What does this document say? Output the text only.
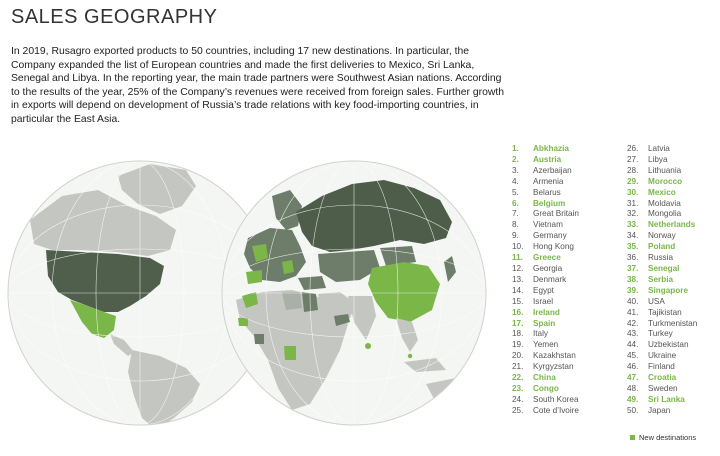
SALES GEOGRAPHY
In 2019, Rusagro exported products to 50 countries, including 17 new destinations. In particular, the Company expanded the list of European countries and made the first deliveries to Mexico, Sri Lanka, Senegal and Libya. In the reporting year, the main trade partners were Southwest Asian nations. According to the results of the year, 25% of the Company’s revenues were received from foreign sales. Further growth in exports will depend on development of Russia’s trade relations with key food-importing countries, in particular the East Asia.
1. Abkhazia
2. Austria
3. Azerbaijan
4. Armenia
5. Belarus
6. Belgium
7. Great Britain
8. Vietnam
9. Germany
10. Hong Kong
11. Greece
12. Georgia
13. Denmark
14. Egypt
15. Israel
16. Ireland
17. Spain
18. Italy
19. Yemen
20. Kazakhstan
21. Kyrgyzstan
22. China
23. Congo
24. South Korea
25. Cote d’Ivoire
26. Latvia
27. Libya
28. Lithuania
29. Morocco
30. Mexico
31. Moldavia
32. Mongolia
33. Netherlands
34. Norway
35. Poland
36. Russia
37. Senegal
38. Serbia
39. Singapore
40. USA
41. Tajikistan
42. Turkmenistan
43. Turkey
44. Uzbekistan
45. Ukraine
46. Finland
47. Croatia
48. Sweden
49. Sri Lanka
50. Japan
New destinations
